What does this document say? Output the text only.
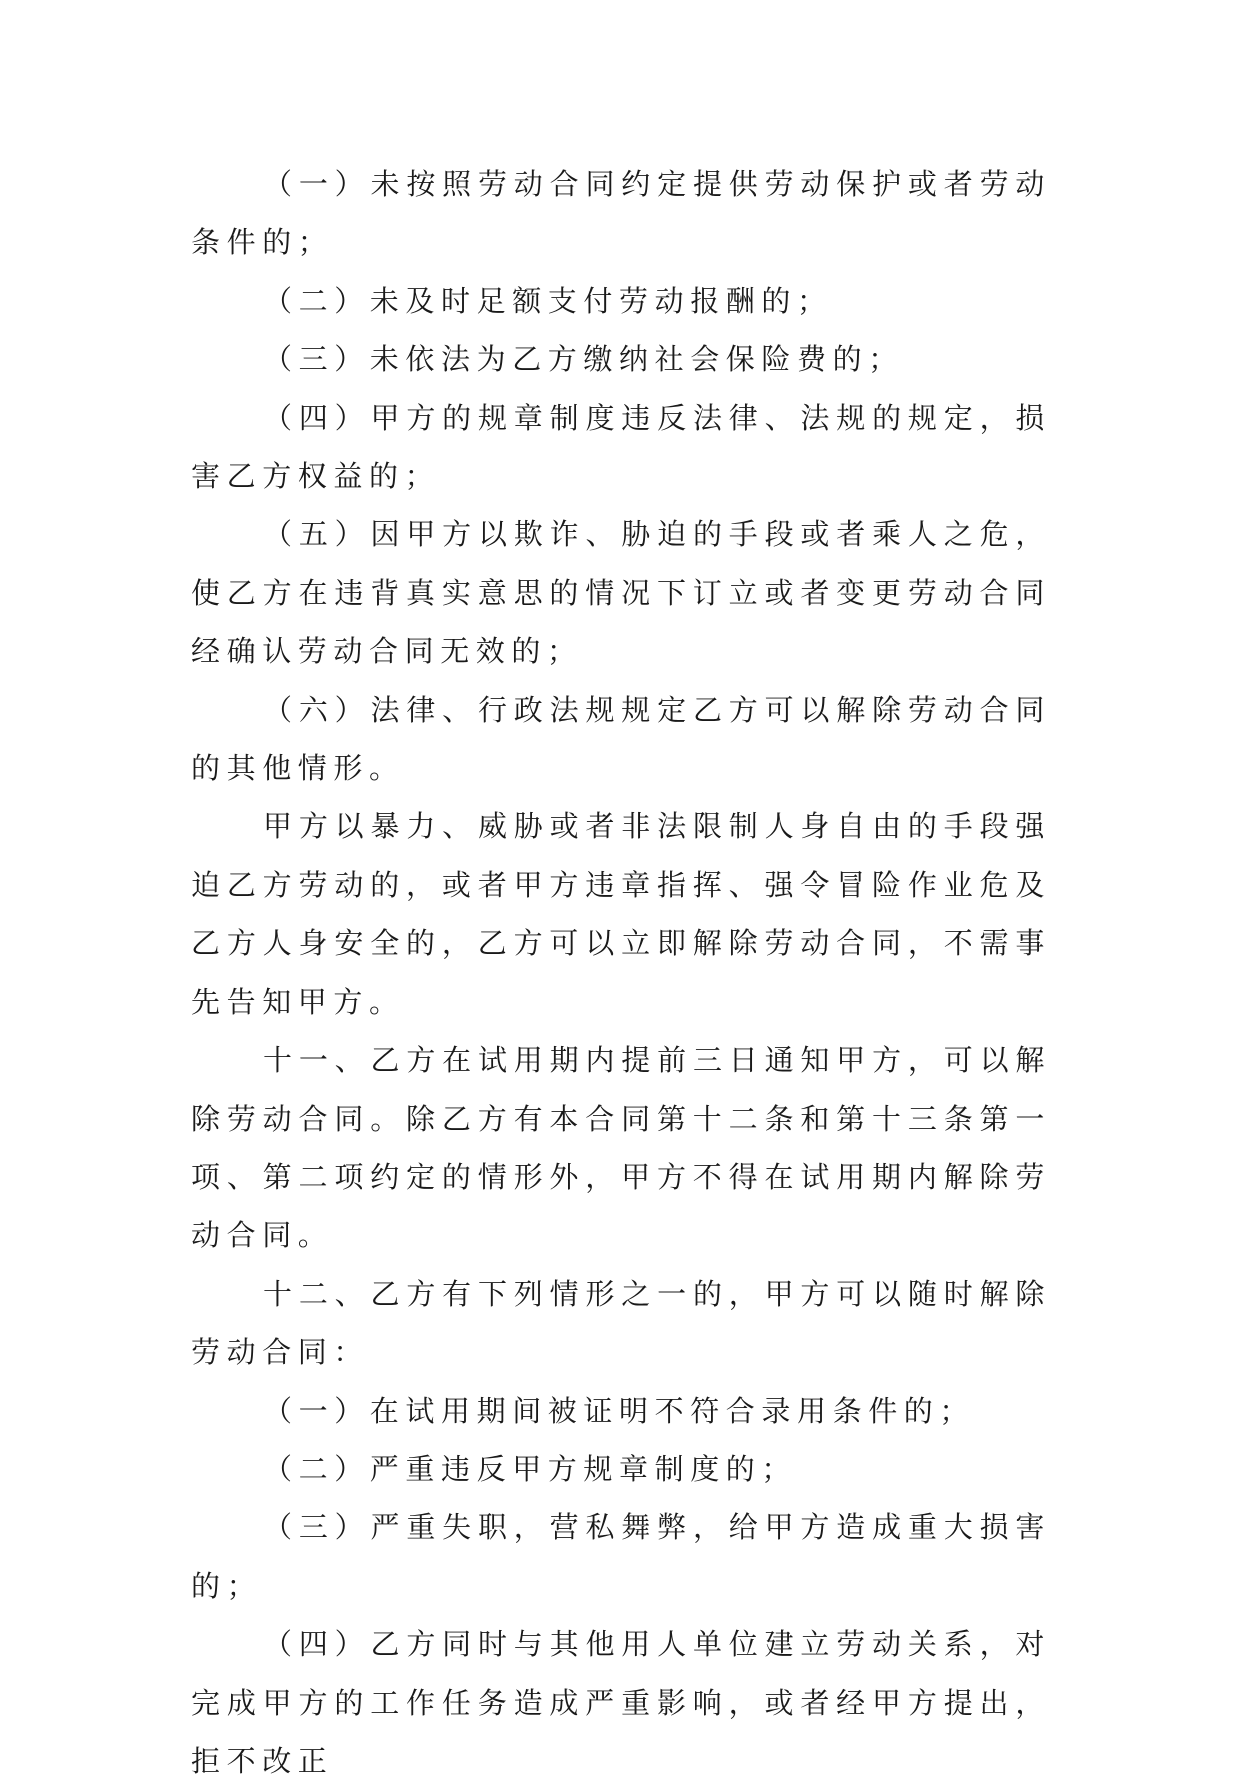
（一）未按照劳动合同约定提供劳动保护或者劳动条件的；

（二）未及时足额支付劳动报酬的；

（三）未依法为乙方缴纳社会保险费的；

（四）甲方的规章制度违反法律、法规的规定，损害乙方权益的；

（五）因甲方以欺诈、胁迫的手段或者乘人之危，使乙方在违背真实意思的情况下订立或者变更劳动合同经确认劳动合同无效的；

（六）法律、行政法规规定乙方可以解除劳动合同的其他情形。

甲方以暴力、威胁或者非法限制人身自由的手段强迫乙方劳动的，或者甲方违章指挥、强令冒险作业危及乙方人身安全的，乙方可以立即解除劳动合同，不需事先告知甲方。

十一、乙方在试用期内提前三日通知甲方，可以解除劳动合同。除乙方有本合同第十二条和第十三条第一项、第二项约定的情形外，甲方不得在试用期内解除劳动合同。

十二、乙方有下列情形之一的，甲方可以随时解除劳动合同：

（一）在试用期间被证明不符合录用条件的；

（二）严重违反甲方规章制度的；

（三）严重失职，营私舞弊，给甲方造成重大损害的；

（四）乙方同时与其他用人单位建立劳动关系，对完成甲方的工作任务造成严重影响，或者经甲方提出，拒不改正
